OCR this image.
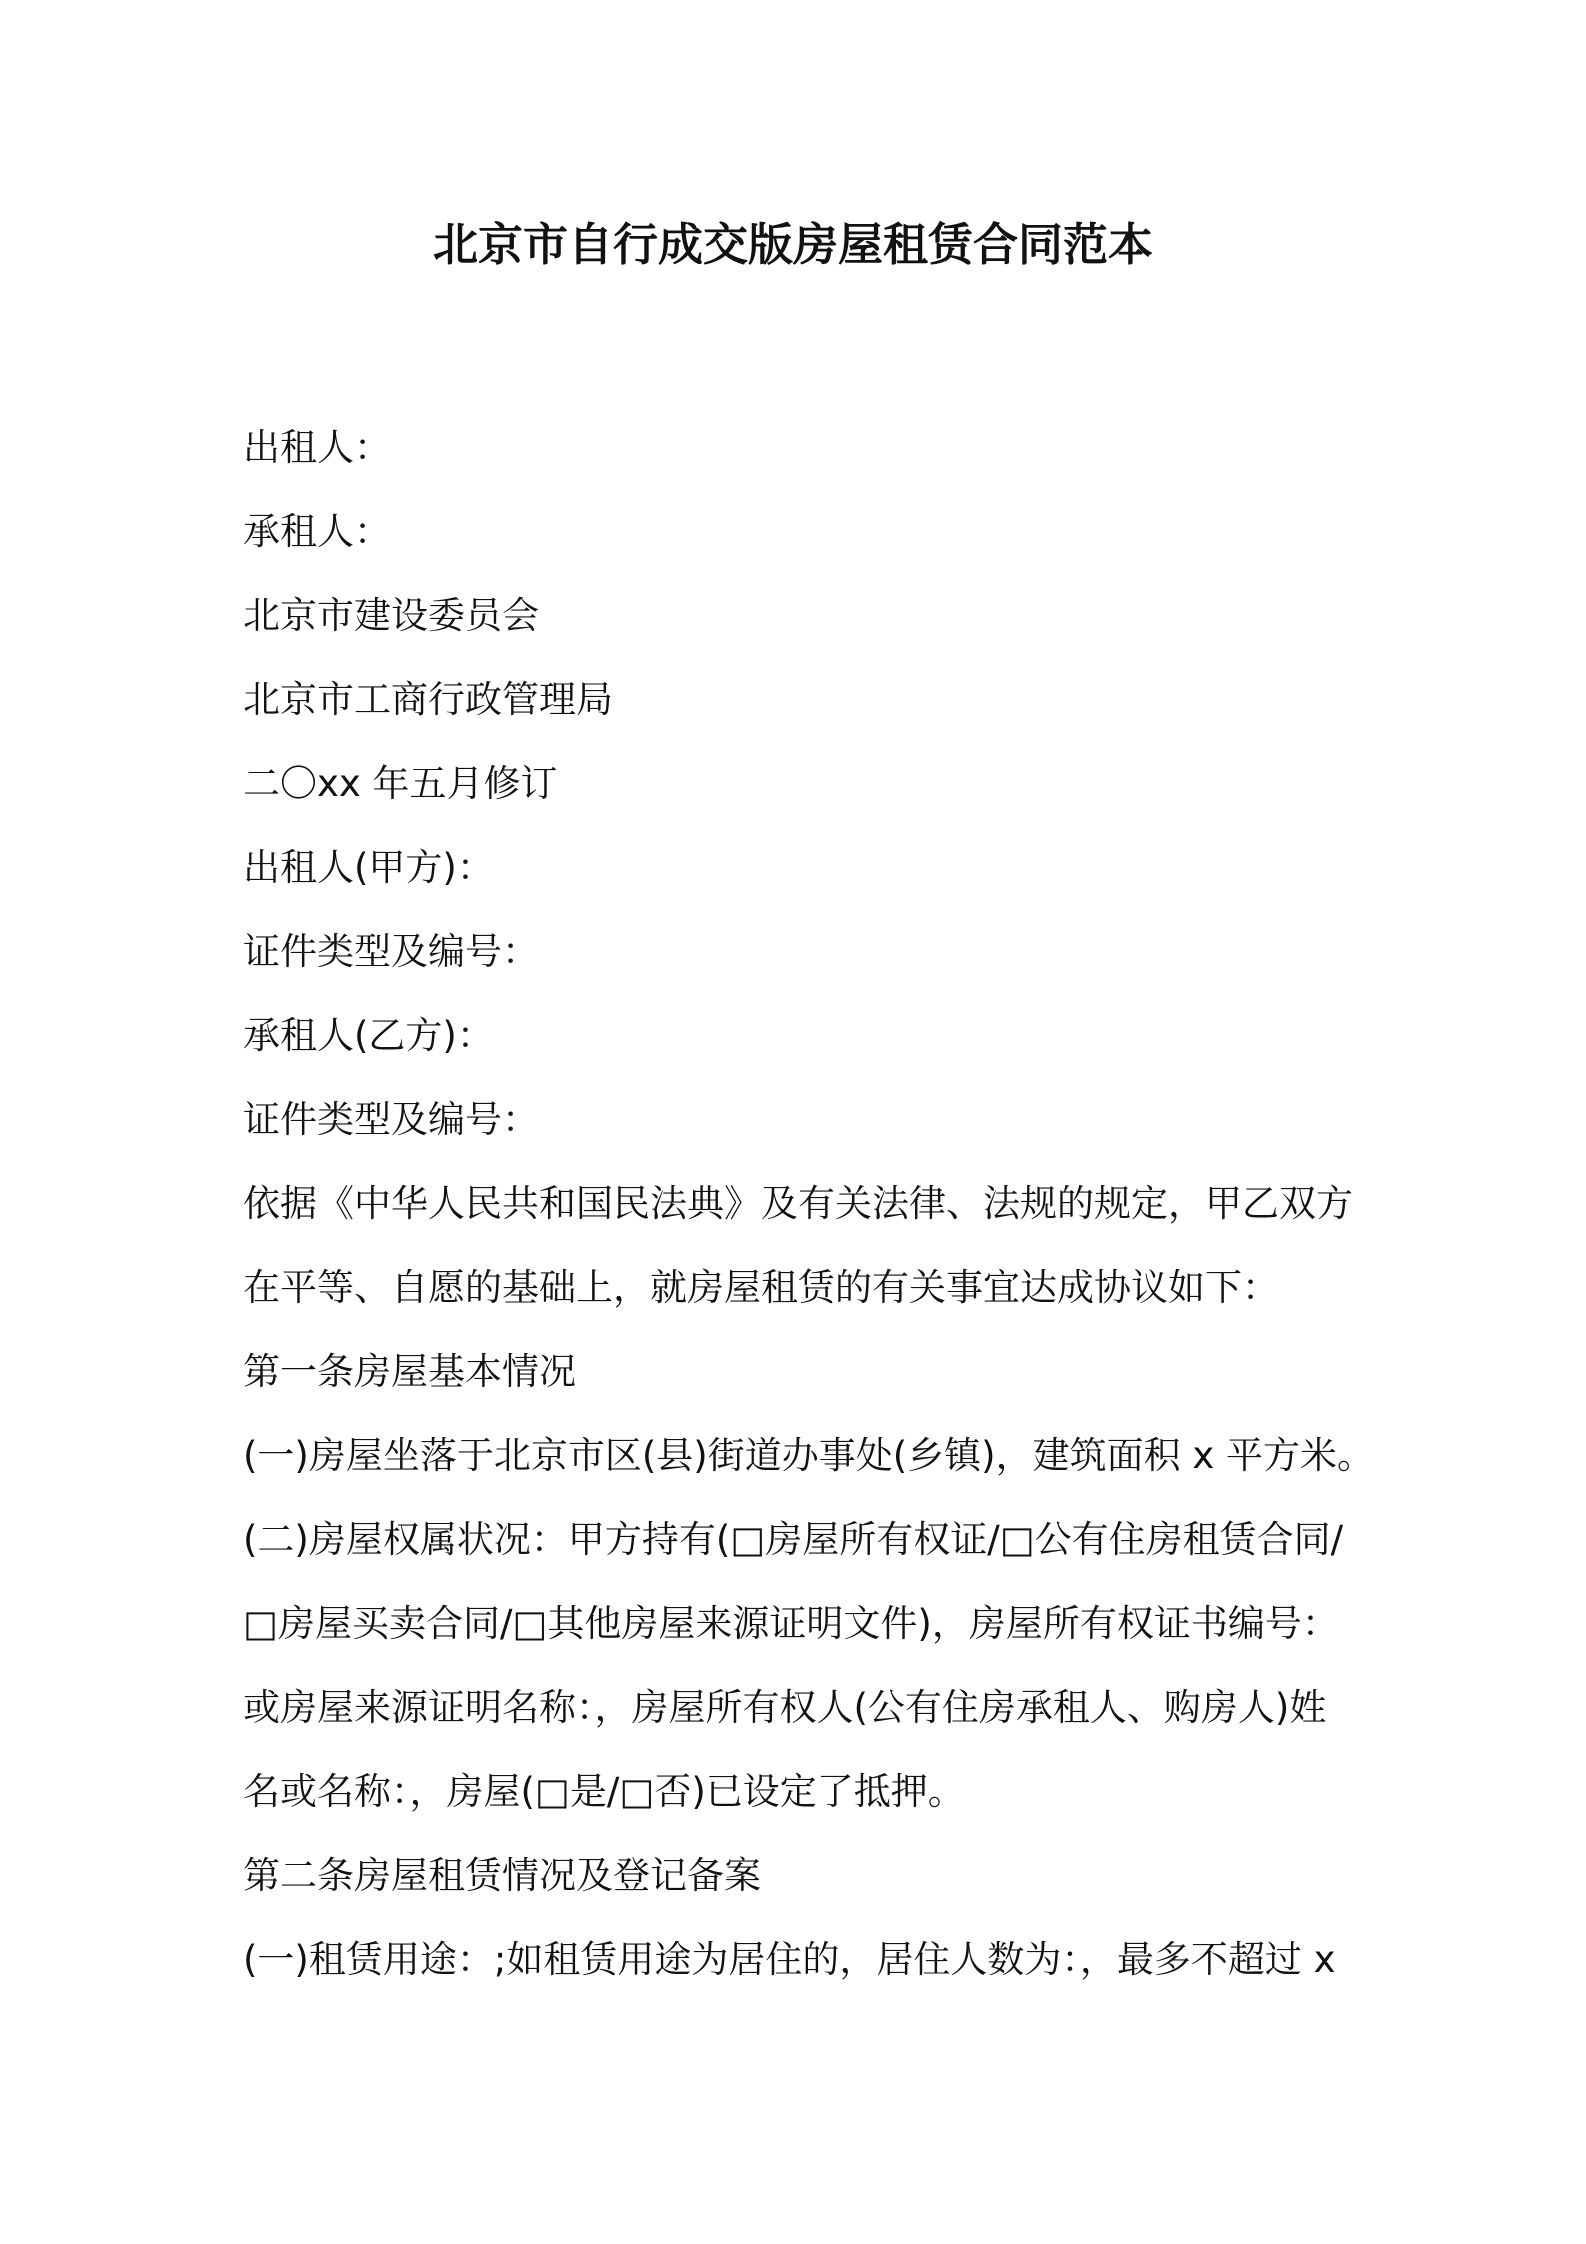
北京市自行成交版房屋租赁合同范本
出租人：
承租人：
北京市建设委员会
北京市工商行政管理局
二〇xx 年五月修订
出租人(甲方)：
证件类型及编号：
承租人(乙方)：
证件类型及编号：
依据《中华人民共和国民法典》及有关法律、法规的规定，甲乙双方
在平等、自愿的基础上，就房屋租赁的有关事宜达成协议如下：
第一条房屋基本情况
(一)房屋坐落于北京市区(县)街道办事处(乡镇)，建筑面积 x 平方米。
(二)房屋权属状况：甲方持有(□房屋所有权证/□公有住房租赁合同/
□房屋买卖合同/□其他房屋来源证明文件)，房屋所有权证书编号：
或房屋来源证明名称：，房屋所有权人(公有住房承租人、购房人)姓
名或名称：，房屋(□是/□否)已设定了抵押。
第二条房屋租赁情况及登记备案
(一)租赁用途：;如租赁用途为居住的，居住人数为：，最多不超过 x
